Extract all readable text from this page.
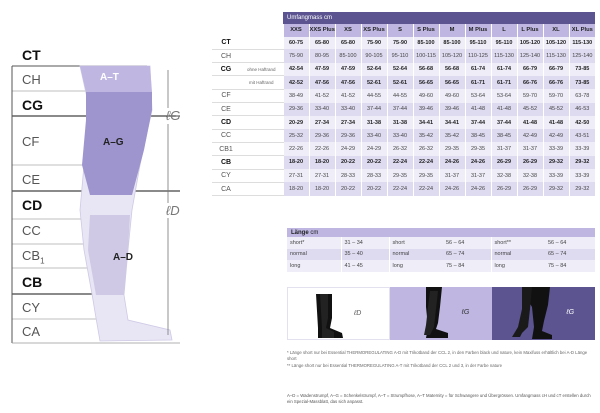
CT
CH
CG
CF
CE
CD
CC
$CB_1$
CB
CY
CA
A–T
A–G
A–D
ℓG
ℓD
		Umfangmass cm											
		XXS	XXS Plus	XS	XS Plus	S	S Plus	M	M Plus	L	L Plus	XL	XL Plus
CT		60-75	65-80	65-80	75-90	75-90	85-100	85-100	95-110	95-110	105-120	105-120	115-130
CH		75-90	80-95	85-100	90-105	95-110	100-115	105-120	110-125	115-130	125-140	115-130	125-140
CG	ohne Haftrand	42-54	47-59	47-59	52-64	52-64	56-68	56-68	61-74	61-74	66-79	66-79	73-85
	mit Haftrand	42-52	47-56	47-56	52-61	52-61	56-65	56-65	61-71	61-71	66-76	66-76	73-85
CF		38-49	41-52	41-52	44-55	44-55	49-60	49-60	53-64	53-64	59-70	59-70	63-78
CE		29-36	33-40	33-40	37-44	37-44	39-46	39-46	41-48	41-48	45-52	45-52	46-53
CD		20-29	27-34	27-34	31-38	31-38	34-41	34-41	37-44	37-44	41-48	41-48	42-50
CC		25-32	29-36	29-36	33-40	33-40	35-42	35-42	38-45	38-45	42-49	42-49	43-51
CB1		22-26	22-26	24-29	24-29	26-32	26-32	29-35	29-35	31-37	31-37	33-39	33-39
CB		18-20	18-20	20-22	20-22	22-24	22-24	24-26	24-26	26-29	26-29	29-32	29-32
CY		27-31	27-31	28-33	28-33	29-35	29-35	31-37	31-37	32-38	32-38	33-39	33-39
CA		18-20	18-20	20-22	20-22	22-24	22-24	24-26	24-26	26-29	26-29	29-32	29-32
Länge cm
short*	31 – 34	short	56 – 64	short**	56 – 64
normal	35 – 40	normal	65 – 74	normal	65 – 74
long	41 – 45	long	75 – 84	long	75 – 84
ℓD	ℓG	ℓG

* Länge short nur bei Essential THERMOREGULATING A-D mit Trikotband der CCL 2, in den Farben black und nature, kein Maxifuss erhältlich bei A-D Länge short

** Länge short nur bei Essential THERMOREGULATING A-T mit Trikotband der CCL 2 und 3, in der Farbe nature

A–D = Wadenstrumpf, A–G = Schenkelstrumpf, A–T = Strumpfhose, A–T Maternity = für Schwangere und Übergrössen. Umfangmass cH und cT erstellen durch ein Spezial-Massblatt, das sich anpasst.
